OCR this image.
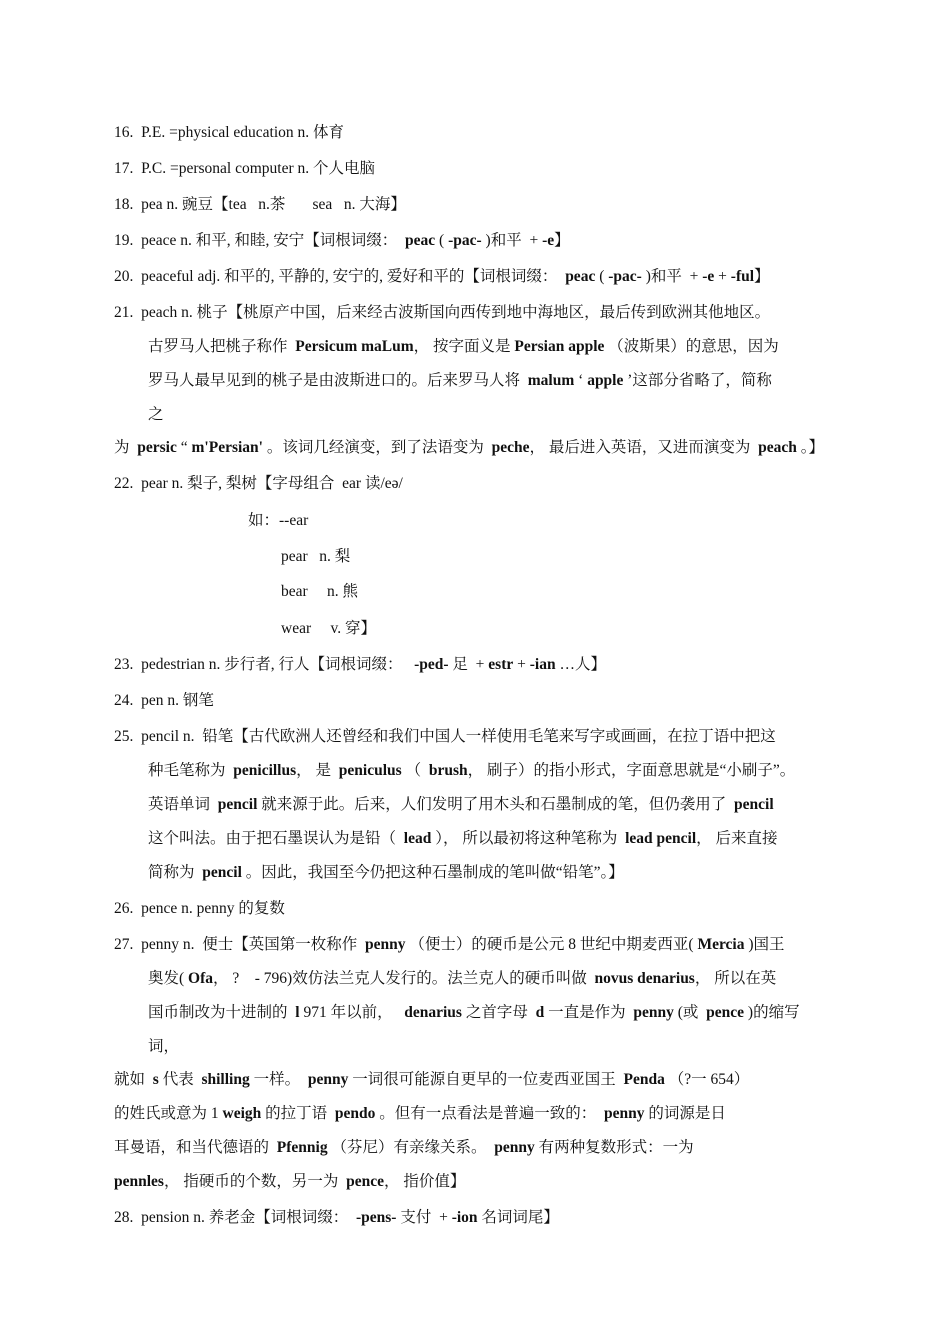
16.  P.E. =physical education n. 体育
17.  P.C. =personal computer n. 个人电脑
18.  pea n. 豌豆【tea   n.茶       sea   n. 大海】
19.  peace n. 和平, 和睦, 安宁【词根词缀：  peac ( -pac- )和平  + -e】
20.  peaceful adj. 和平的, 平静的, 安宁的, 爱好和平的【词根词缀：  peac ( -pac- )和平  + -e + -ful】
21.  peach n. 桃子【桃原产中国，后来经古波斯国向西传到地中海地区，最后传到欧洲其他地区。
古罗马人把桃子称作  Persicum maLum， 按字面义是 Persian apple （波斯果）的意思，因为
罗马人最早见到的桃子是由波斯进口的。后来罗马人将  malum ‘ apple ’这部分省略了，简称
之
为  persic “ m'Persian' 。该词几经演变，到了法语变为  peche， 最后进入英语，又进而演变为  peach 。】
22.  pear n. 梨子, 梨树【字母组合  ear 读/eə/
如：--ear
pear   n. 梨
bear     n. 熊
wear     v. 穿】
23.  pedestrian n. 步行者, 行人【词根词缀：   -ped- 足  + estr + -ian …人】
24.  pen n. 钢笔
25.  pencil n.  铅笔【古代欧洲人还曾经和我们中国人一样使用毛笔来写字或画画，在拉丁语中把这
种毛笔称为  penicillus， 是  peniculus （  brush， 刷子）的指小形式，字面意思就是“小刷子”。
英语单词  pencil 就来源于此。后来，人们发明了用木头和石墨制成的笔，但仍袭用了  pencil
这个叫法。由于把石墨误认为是铅（  lead ）， 所以最初将这种笔称为  lead pencil， 后来直接
简称为  pencil 。因此，我国至今仍把这种石墨制成的笔叫做“铅笔”。】
26.  pence n. penny 的复数
27.  penny n.  便士【英国第一枚称作  penny （便士）的硬币是公元 8 世纪中期麦西亚( Mercia )国王
奥发( Ofa， ?    - 796)效仿法兰克人发行的。法兰克人的硬币叫做  novus denarius， 所以在英
国币制改为十进制的  l 971 年以前，   denarius 之首字母  d 一直是作为  penny (或  pence )的缩写
词，
就如  s 代表  shilling 一样。  penny 一词很可能源自更早的一位麦西亚国王  Penda （?一 654）
的姓氏或意为 1 weigh 的拉丁语  pendo 。但有一点看法是普遍一致的：  penny 的词源是日
耳曼语，和当代德语的  Pfennig （芬尼）有亲缘关系。  penny 有两种复数形式：一为
pennles， 指硬币的个数，另一为  pence， 指价值】
28.  pension n. 养老金【词根词缀：  -pens- 支付  + -ion 名词词尾】
